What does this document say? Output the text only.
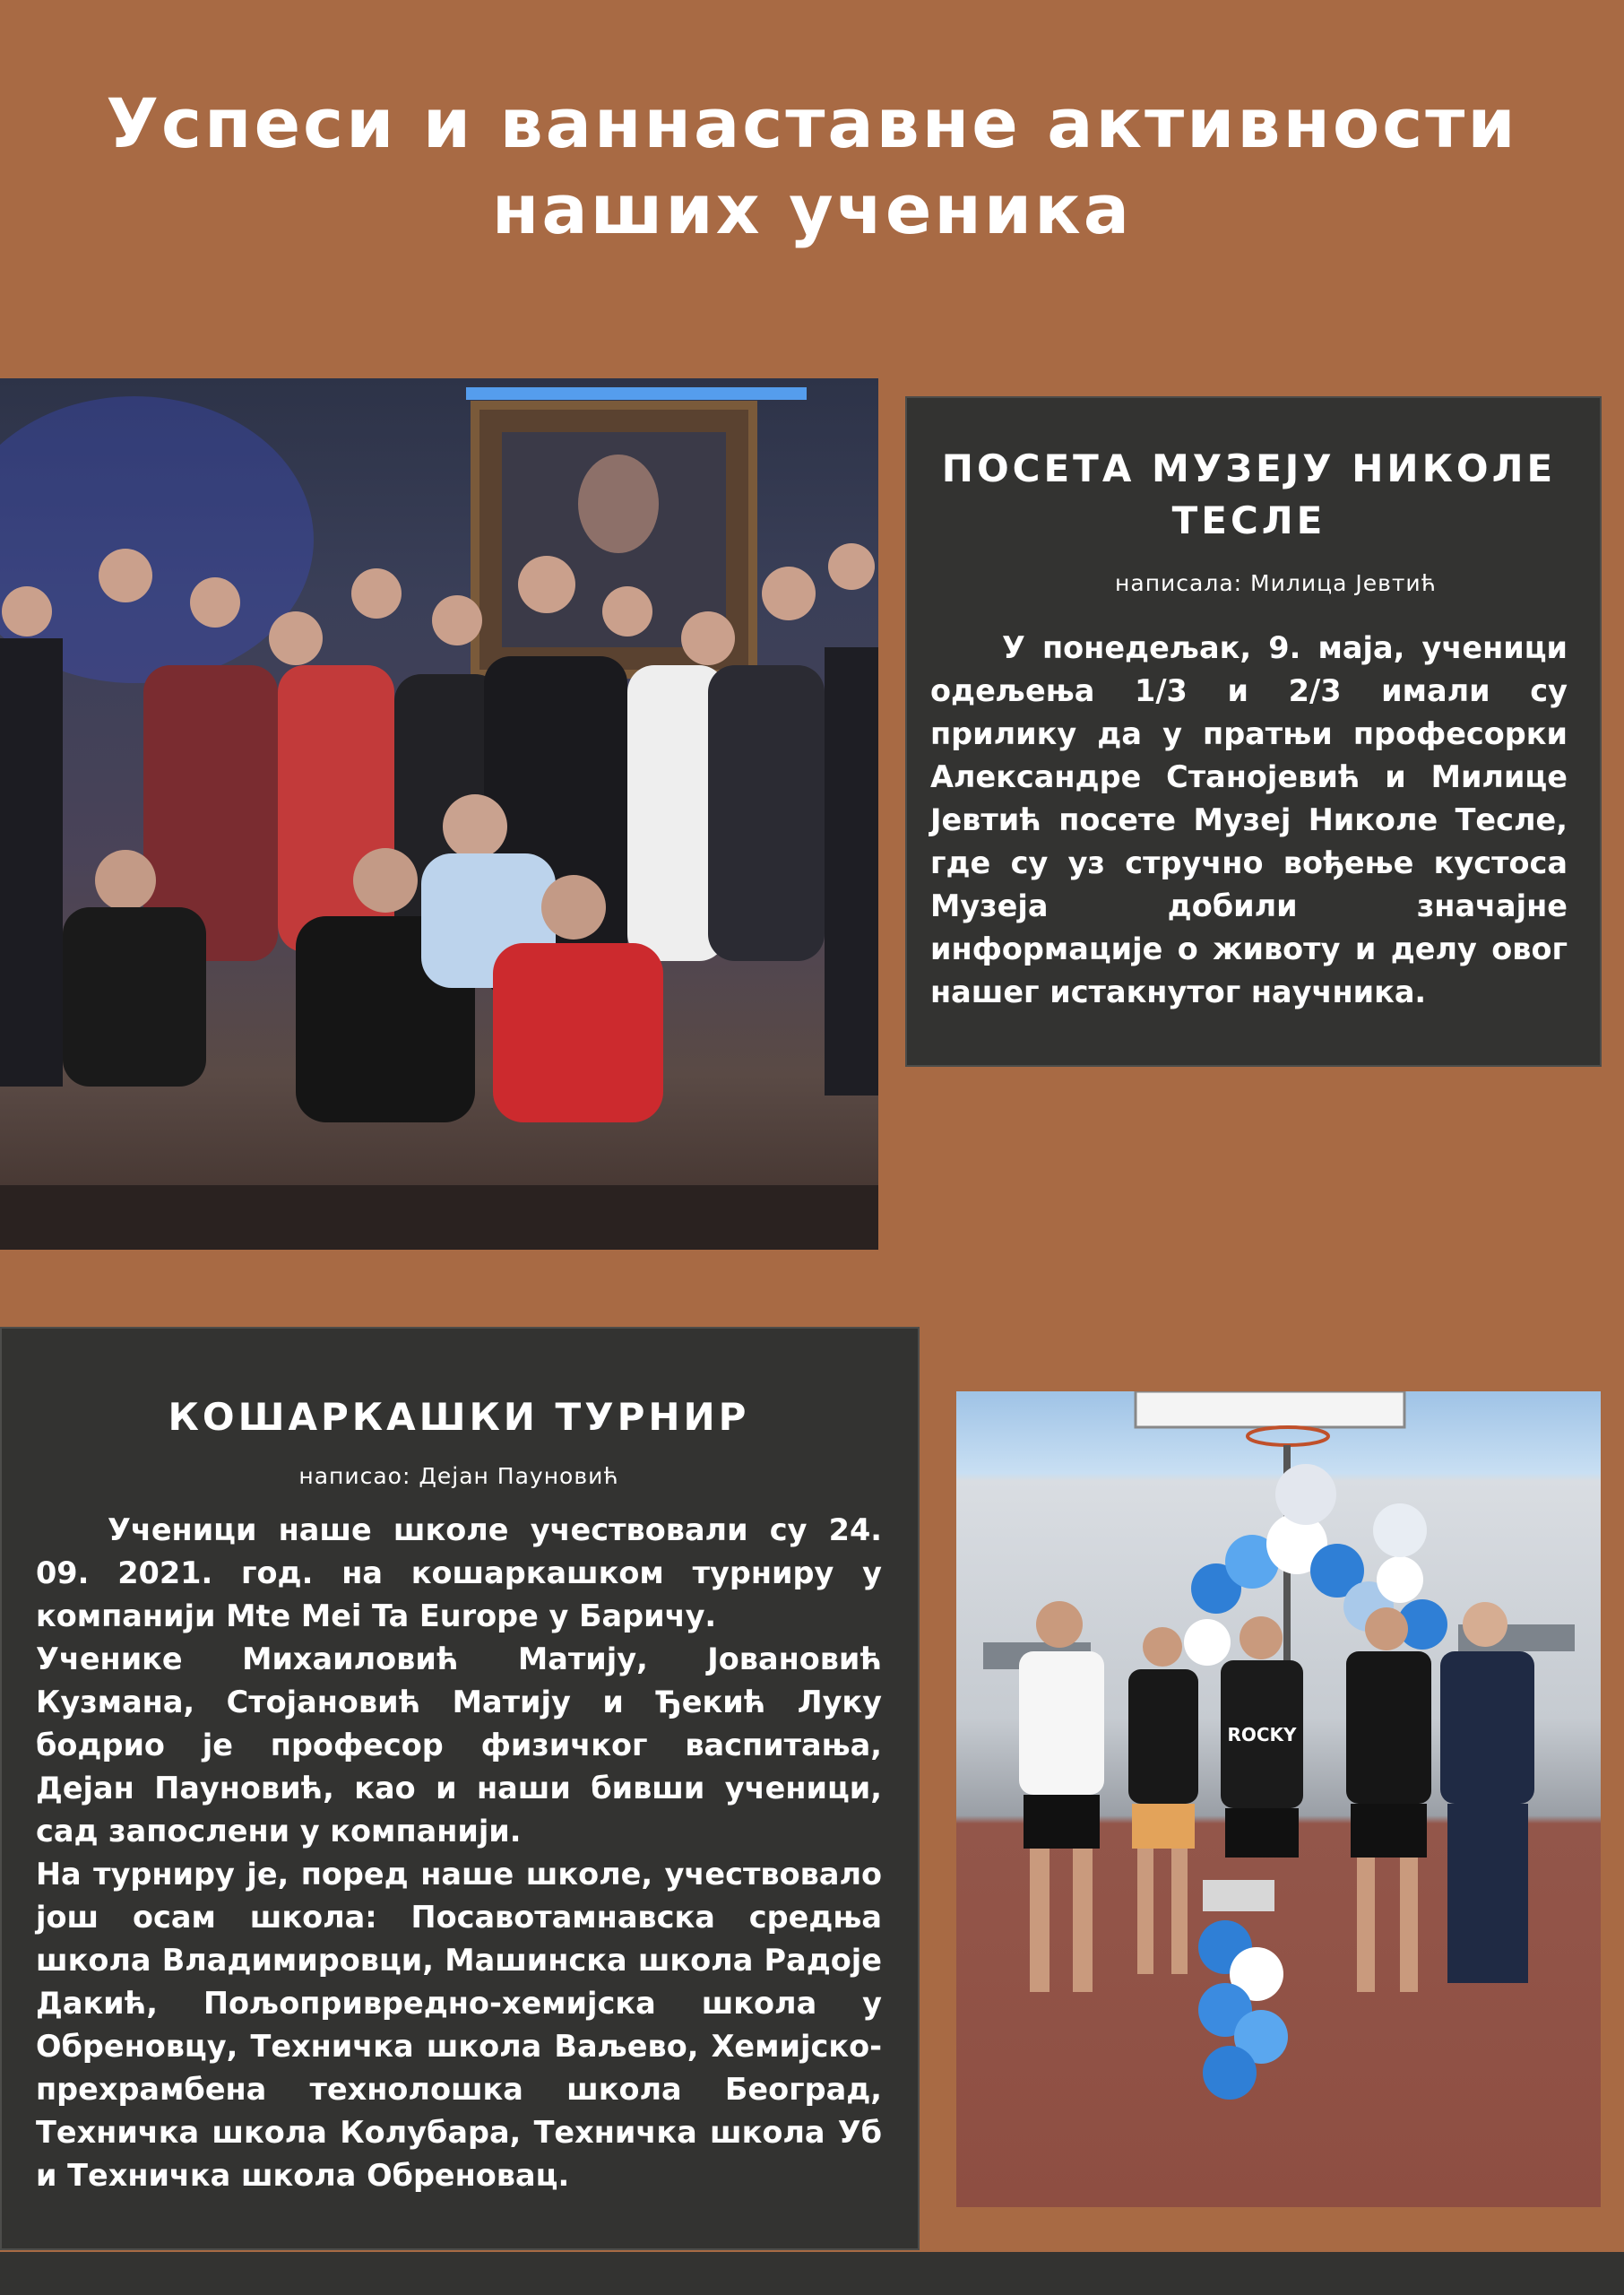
Успеси и ваннаставне активности
наших ученика
ПОСЕТА МУЗЕЈУ НИКОЛЕ
ТЕСЛЕ
написала: Милица Јевтић

У понедељак, 9. маја, ученици одељења 1/3 и 2/3 имали су прилику да у пратњи професорки Александре Станојевић и Милице Јевтић посете Музеј Николе Тесле, где су уз стручно вођење кустоса Музеја добили значајне информације о животу и делу овог нашег истакнутог научника.

КОШАРКАШКИ ТУРНИР
написао: Дејан Пауновић

Ученици наше школе учествовали су 24. 09. 2021. год. на кошаркашком турниру у компанији Mte Mei Ta Europe у Баричу.

Ученике Михаиловић Матију, Јовановић Кузмана, Стојановић Матију и Ђекић Луку бодрио је професор физичког васпитања, Дејан Пауновић, као и наши бивши ученици, сад запослени у компанији.

На турниру је, поред наше школе, учествовало још осам школа: Посавотамнавска средња школа Владимировци, Машинска школа Радоје Дакић, Пољопривредно-хемијска школа у Обреновцу, Техничка школа Ваљево, Хемијско-прехрамбена технолошка школа Београд, Техничка школа Колубара, Техничка школа Уб и Техничка школа Обреновац.

ROCKY
